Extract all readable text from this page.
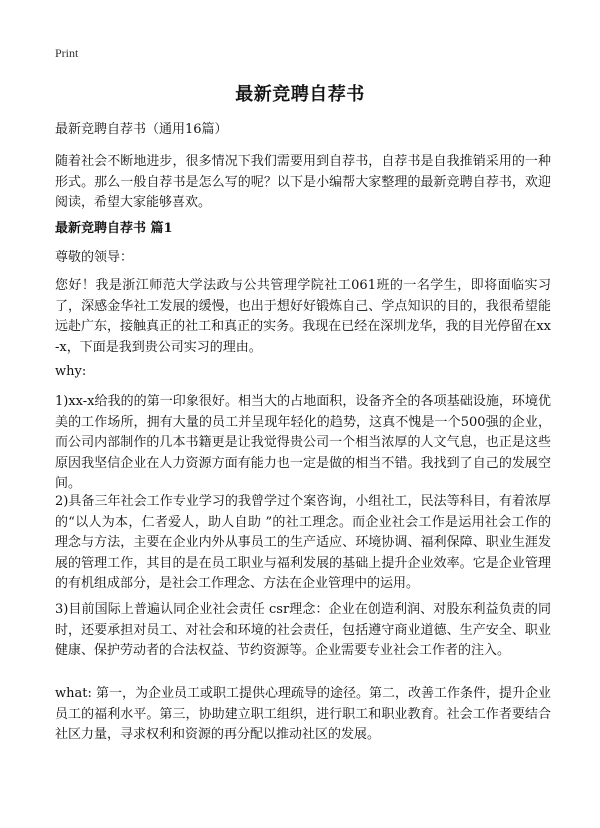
Print

最新竞聘自荐书

最新竞聘自荐书（通用16篇）

随着社会不断地进步，很多情况下我们需要用到自荐书，自荐书是自我推销采用的一种形式。那么一般自荐书是怎么写的呢？以下是小编帮大家整理的最新竞聘自荐书，欢迎阅读，希望大家能够喜欢。

最新竞聘自荐书 篇1

尊敬的领导：

您好！我是浙江师范大学法政与公共管理学院社工061班的一名学生，即将面临实习了，深感金华社工发展的缓慢，也出于想好好锻炼自己、学点知识的目的，我很希望能远赴广东，接触真正的社工和真正的实务。我现在已经在深圳龙华，我的目光停留在xx-x，下面是我到贵公司实习的理由。

why:

1)xx-x给我的的第一印象很好。相当大的占地面积，设备齐全的各项基础设施，环境优美的工作场所，拥有大量的员工并呈现年轻化的趋势，这真不愧是一个500强的企业，而公司内部制作的几本书籍更是让我觉得贵公司一个相当浓厚的人文气息，也正是这些原因我坚信企业在人力资源方面有能力也一定是做的相当不错。我找到了自己的发展空间。

2)具备三年社会工作专业学习的我曾学过个案咨询，小组社工，民法等科目，有着浓厚的“以人为本，仁者爱人，助人自助 ”的社工理念。而企业社会工作是运用社会工作的理念与方法，主要在企业内外从事员工的生产适应、环境协调、福利保障、职业生涯发展的管理工作，其目的是在员工职业与福利发展的基础上提升企业效率。它是企业管理的有机组成部分，是社会工作理念、方法在企业管理中的运用。

3)目前国际上普遍认同企业社会责任 csr理念：企业在创造利润、对股东利益负责的同时，还要承担对员工、对社会和环境的社会责任，包括遵守商业道德、生产安全、职业健康、保护劳动者的合法权益、节约资源等。企业需要专业社会工作者的注入。

what: 第一，为企业员工或职工提供心理疏导的途径。第二，改善工作条件，提升企业员工的福利水平。第三，协助建立职工组织，进行职工和职业教育。社会工作者要结合社区力量，寻求权利和资源的再分配以推动社区的发展。
